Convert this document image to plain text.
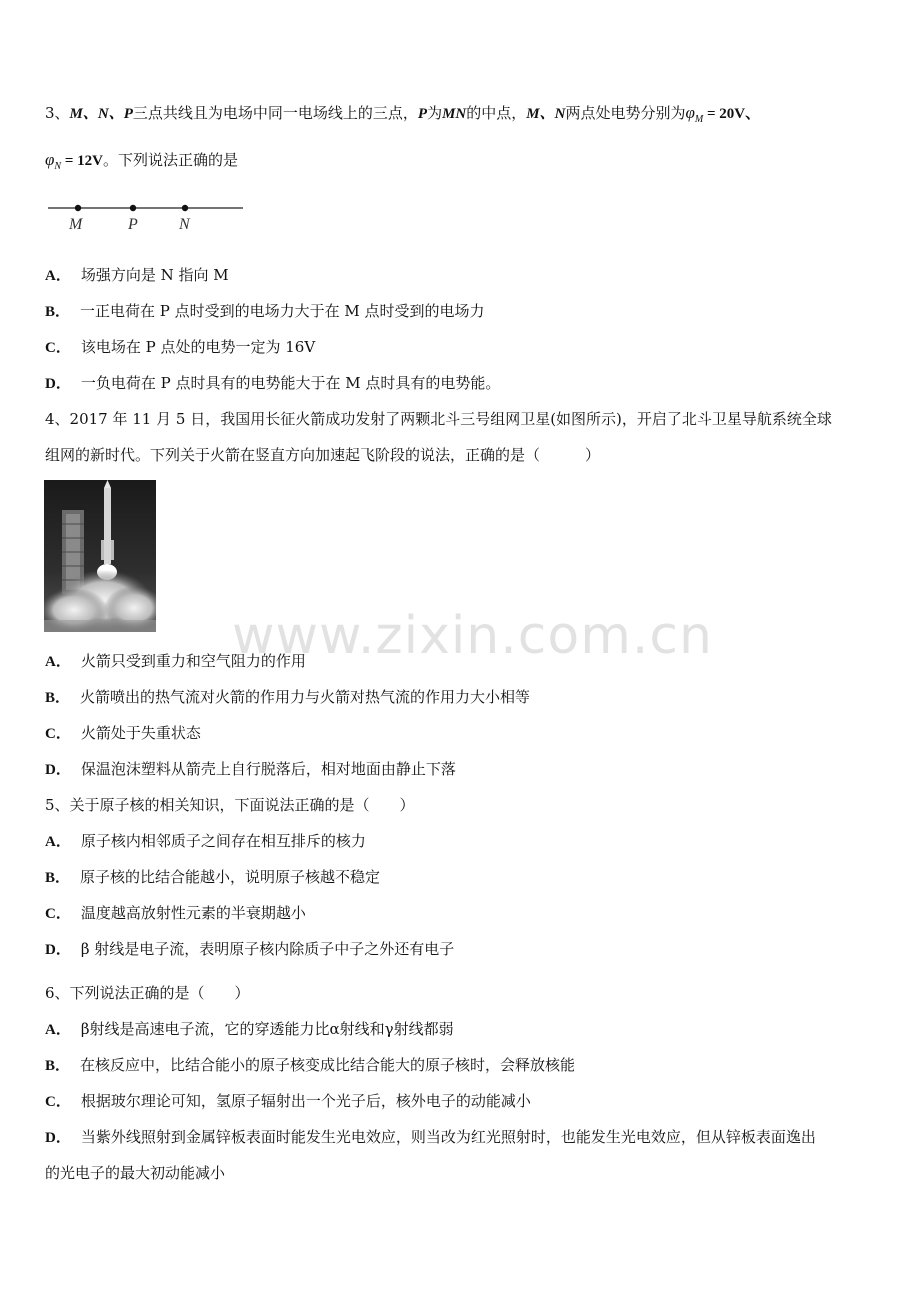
3、M、N、P三点共线且为电场中同一电场线上的三点，P为MN的中点，M、N两点处电势分别为$\varphi_M = 20V$、
$\varphi_N = 12V$。下列说法正确的是
M	P	N
A． 场强方向是 N 指向 M
B． 一正电荷在 P 点时受到的电场力大于在 M 点时受到的电场力
C． 该电场在 P 点处的电势一定为 16V
D． 一负电荷在 P 点时具有的电势能大于在 M 点时具有的电势能。
4、2017 年 11 月 5 日，我国用长征火箭成功发射了两颗北斗三号组网卫星(如图所示)，开启了北斗卫星导航系统全球
组网的新时代。下列关于火箭在竖直方向加速起飞阶段的说法，正确的是（　　　）
www.zixin.com.cn
A． 火箭只受到重力和空气阻力的作用
B． 火箭喷出的热气流对火箭的作用力与火箭对热气流的作用力大小相等
C． 火箭处于失重状态
D． 保温泡沫塑料从箭壳上自行脱落后，相对地面由静止下落
5、关于原子核的相关知识，下面说法正确的是（　　）
A． 原子核内相邻质子之间存在相互排斥的核力
B． 原子核的比结合能越小，说明原子核越不稳定
C． 温度越高放射性元素的半衰期越小
D． β 射线是电子流，表明原子核内除质子中子之外还有电子
6、下列说法正确的是（　　）
A． β射线是高速电子流，它的穿透能力比α射线和γ射线都弱
B． 在核反应中，比结合能小的原子核变成比结合能大的原子核时，会释放核能
C． 根据玻尔理论可知，氢原子辐射出一个光子后，核外电子的动能减小
D． 当紫外线照射到金属锌板表面时能发生光电效应，则当改为红光照射时，也能发生光电效应，但从锌板表面逸出
的光电子的最大初动能减小
